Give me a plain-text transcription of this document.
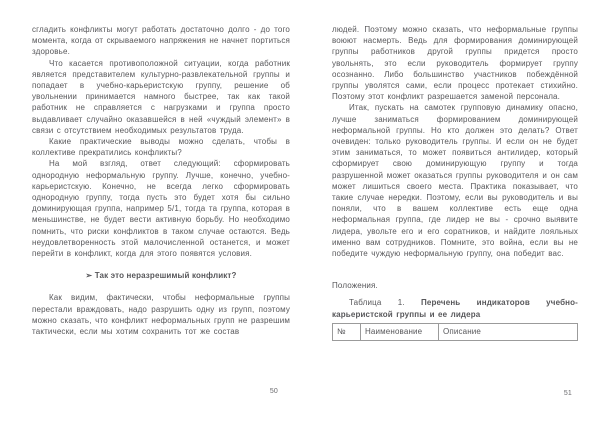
сгладить конфликты могут работать достаточно долго - до того момента, когда от скрываемого напряжения не начнет портиться здоровье.

Что касается противоположной ситуации, когда работник является представителем культурно-развлекательной группы и попадает в учебно-карьеристскую группу, решение об увольнении принимается намного быстрее, так как такой работник не справляется с нагрузками и группа просто выдавливает случайно оказавшейся в ней «чуждый элемент» в связи с отсутствием необходимых результатов труда.

Какие практические выводы можно сделать, чтобы в коллективе прекратились конфликты?

На мой взгляд, ответ следующий: сформировать однородную неформальную группу. Лучше, конечно, учебно-карьеристскую. Конечно, не всегда легко сформировать однородную группу, тогда пусть это будет хотя бы сильно доминирующая группа, например 5/1, тогда та группа, которая в меньшинстве, не будет вести активную борьбу. Но необходимо помнить, что риски конфликтов в таком случае остаются. Ведь неудовлетворенность этой малочисленной останется, и может перейти в конфликт, когда для этого появятся условия.

➢ Так это неразрешимый конфликт?

Как видим, фактически, чтобы неформальные группы перестали враждовать, надо разрушить одну из групп, поэтому можно сказать, что конфликт неформальных групп не разрешим тактически, если мы хотим сохранить тот же состав

людей. Поэтому можно сказать, что неформальные группы воюют насмерть. Ведь для формирования доминирующей группы работников другой группы придется просто увольнять, это если руководитель формирует группу осознанно. Либо большинство участников побеждённой группы уволятся сами, если процесс протекает стихийно. Поэтому этот конфликт разрешается заменой персонала.

Итак, пускать на самотек групповую динамику опасно, лучше заниматься формированием доминирующей неформальной группы. Но кто должен это делать? Ответ очевиден: только руководитель группы. И если он не будет этим заниматься, то может появиться антилидер, который сформирует свою доминирующую группу и тогда разрушенной может оказаться группы руководителя и он сам может лишиться своего места. Практика показывает, что такие случае нередки. Поэтому, если вы руководитель и вы поняли, что в вашем коллективе есть еще одна неформальная группа, где лидер не вы - срочно выявите лидера, увольте его и его соратников, и найдите лояльных именно вам сотрудников. Помните, это война, если вы не победите чуждую неформальную группу, она победит вас.

Положения.

Таблица 1. Перечень индикаторов учебно-карьеристской группы и ее лидера

№	Наименование	Описание
50	51
